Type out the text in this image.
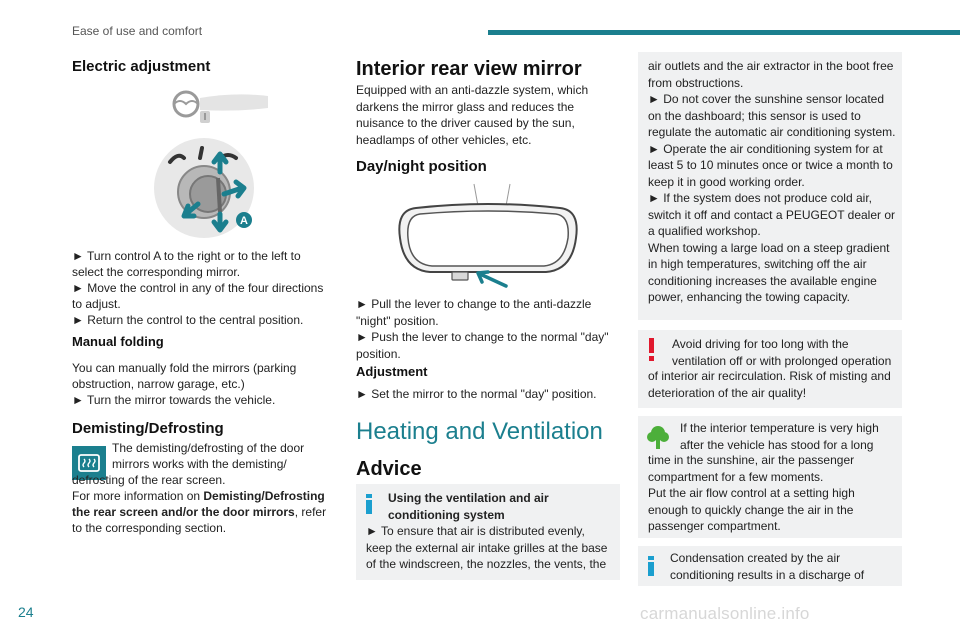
Ease of use and comfort
Electric adjustment
A

► Turn control A to the right or to the left to select the corresponding mirror.

► Move the control in any of the four directions to adjust.

► Return the control to the central position.

Manual folding

You can manually fold the mirrors (parking obstruction, narrow garage, etc.)

► Turn the mirror towards the vehicle.

Demisting/Defrosting

The demisting/defrosting of the door mirrors works with the demisting/

defrosting of the rear screen.

For more information on Demisting/Defrosting the rear screen and/or the door mirrors, refer to the corresponding section.

Interior rear view mirror
Equipped with an anti-dazzle system, which darkens the mirror glass and reduces the nuisance to the driver caused by the sun, headlamps of other vehicles, etc.
Day/night position

► Pull the lever to change to the anti-dazzle "night" position.

► Push the lever to change to the normal "day" position.

Adjustment
► Set the mirror to the normal "day" position.
Heating and Ventilation
Advice
Using the ventilation and air conditioning system
► To ensure that air is distributed evenly, keep the external air intake grilles at the base of the windscreen, the nozzles, the vents, the

air outlets and the air extractor in the boot free from obstructions.

► Do not cover the sunshine sensor located on the dashboard; this sensor is used to regulate the automatic air conditioning system.

► Operate the air conditioning system for at least 5 to 10 minutes once or twice a month to keep it in good working order.

► If the system does not produce cold air, switch it off and contact a PEUGEOT dealer or a qualified workshop.

When towing a large load on a steep gradient in high temperatures, switching off the air conditioning increases the available engine power, enhancing the towing capacity.

Avoid driving for too long with the

ventilation off or with prolonged operation

of interior air recirculation. Risk of misting and deterioration of the air quality!

If the interior temperature is very high

after the vehicle has stood for a long

time in the sunshine, air the passenger compartment for a few moments.

Put the air flow control at a setting high enough to quickly change the air in the passenger compartment.

Condensation created by the air

conditioning results in a discharge of

24	carmanualsonline.info
